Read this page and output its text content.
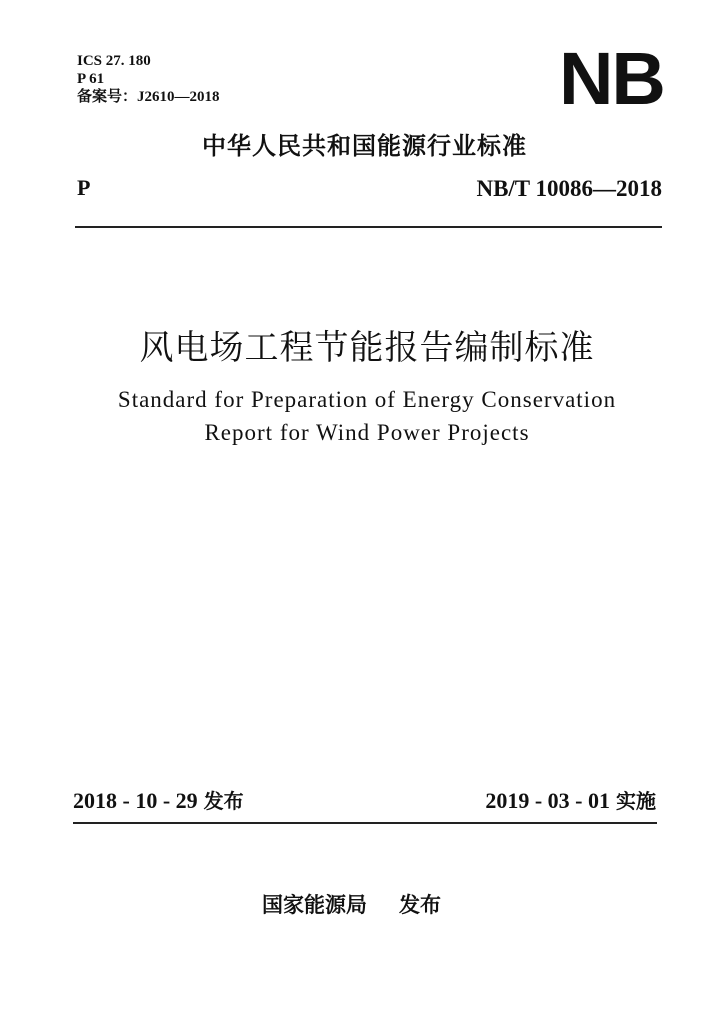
ICS 27. 180
P 61
备案号：J2610—2018	NB
中华人民共和国能源行业标准
P	NB/T 10086—2018
风电场工程节能报告编制标准
Standard for Preparation of Energy Conservation
Report for Wind Power Projects
2018 - 10 - 29 发布	2019 - 03 - 01 实施
国家能源局 发布
